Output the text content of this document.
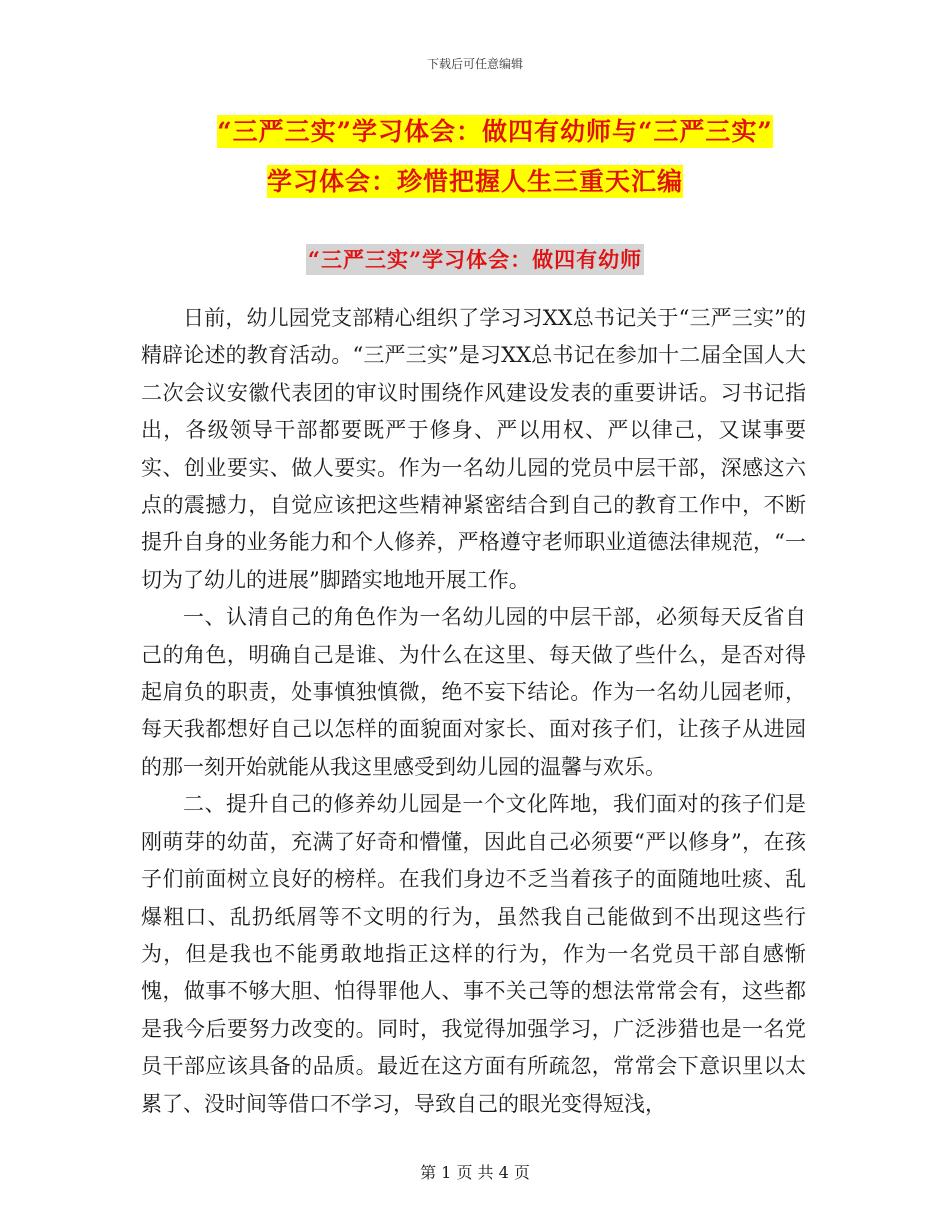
下载后可任意编辑
“三严三实”学习体会：做四有幼师与“三严三实”
学习体会：珍惜把握人生三重天汇编
“三严三实”学习体会：做四有幼师

日前，幼儿园党支部精心组织了学习习XX总书记关于“三严三实”的精辟论述的教育活动。“三严三实”是习XX总书记在参加十二届全国人大二次会议安徽代表团的审议时围绕作风建设发表的重要讲话。习书记指出，各级领导干部都要既严于修身、严以用权、严以律己，又谋事要实、创业要实、做人要实。作为一名幼儿园的党员中层干部，深感这六点的震撼力，自觉应该把这些精神紧密结合到自己的教育工作中，不断提升自身的业务能力和个人修养，严格遵守老师职业道德法律规范，“一切为了幼儿的进展”脚踏实地地开展工作。

一、认清自己的角色作为一名幼儿园的中层干部，必须每天反省自己的角色，明确自己是谁、为什么在这里、每天做了些什么，是否对得起肩负的职责，处事慎独慎微，绝不妄下结论。作为一名幼儿园老师，每天我都想好自己以怎样的面貌面对家长、面对孩子们，让孩子从进园的那一刻开始就能从我这里感受到幼儿园的温馨与欢乐。

二、提升自己的修养幼儿园是一个文化阵地，我们面对的孩子们是刚萌芽的幼苗，充满了好奇和懵懂，因此自己必须要“严以修身”，在孩子们前面树立良好的榜样。在我们身边不乏当着孩子的面随地吐痰、乱爆粗口、乱扔纸屑等不文明的行为，虽然我自己能做到不出现这些行为，但是我也不能勇敢地指正这样的行为，作为一名党员干部自感惭愧，做事不够大胆、怕得罪他人、事不关己等的想法常常会有，这些都是我今后要努力改变的。同时，我觉得加强学习，广泛涉猎也是一名党员干部应该具备的品质。最近在这方面有所疏忽，常常会下意识里以太累了、没时间等借口不学习，导致自己的眼光变得短浅，

第 1 页 共 4 页
